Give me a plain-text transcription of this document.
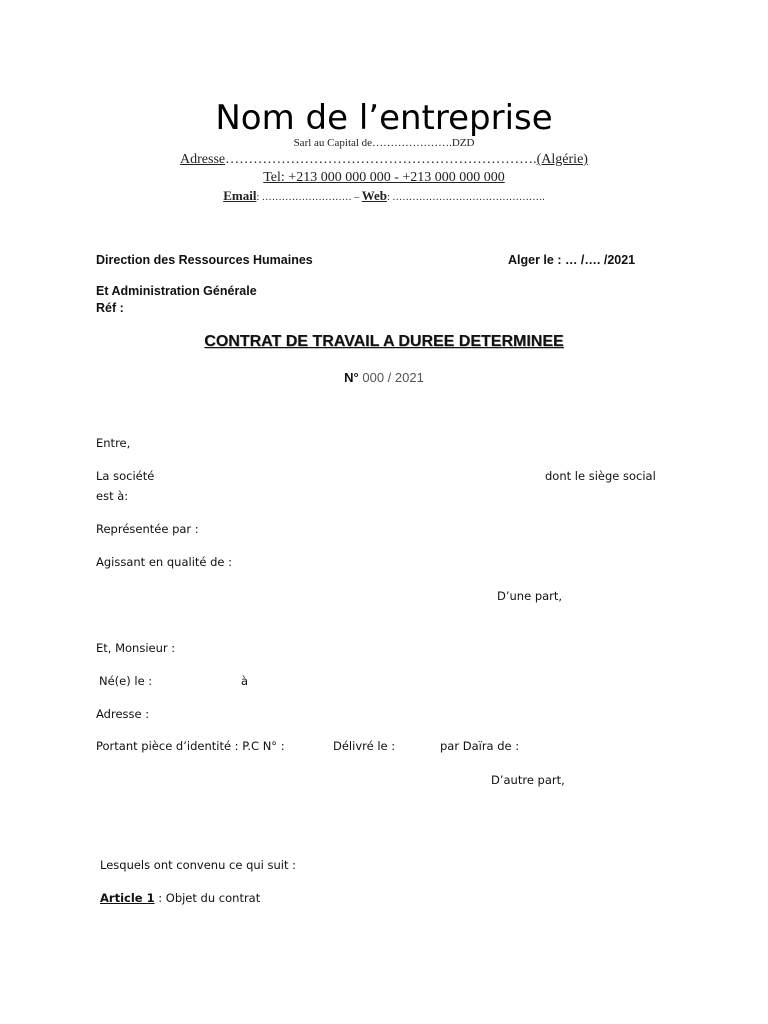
Nom de l’entreprise
Sarl au Capital de………………….DZD
Adresse………………………………………………………….(Algérie)
Tel: +213 000 000 000 - +213 000 000 000
Email: ……………………… – Web: ……………………………………….
Direction des Ressources Humaines	Alger le : … /…. /2021
Et Administration Générale
Réf :
CONTRAT DE TRAVAIL A DUREE DETERMINEE
N° 000 / 2021
Entre,
La société	dont le siège social
est à:
Représentée par :
Agissant en qualité de :
D’une part,
Et, Monsieur :
Né(e) le :	à
Adresse :
Portant pièce d’identité : P.C N° :	Délivré le :	par Daïra de :
D’autre part,
Lesquels ont convenu ce qui suit :
Article 1 : Objet du contrat
